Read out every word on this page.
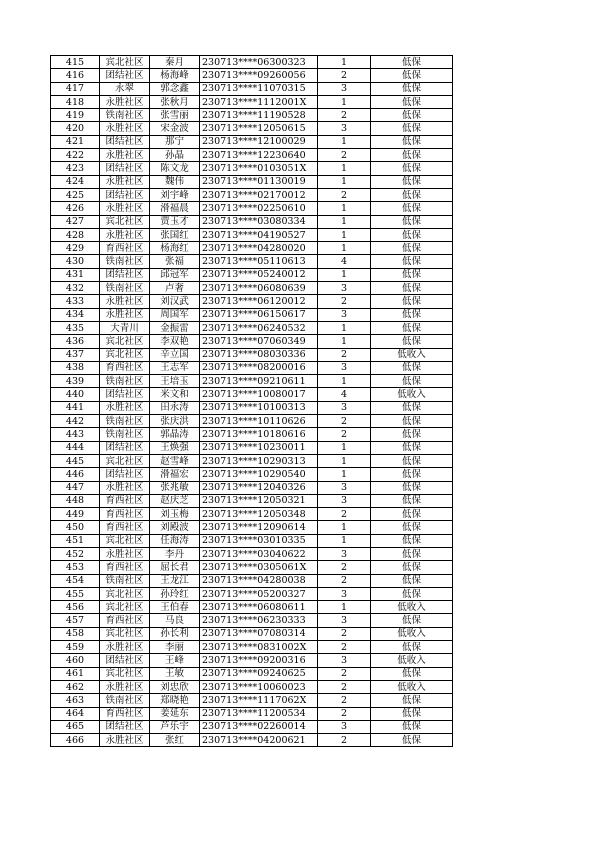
415	宾北社区	秦月	230713****06300323	1	低保
416	团结社区	杨海峰	230713****09260056	2	低保
417	永翠	郭念鑫	230713****11070315	3	低保
418	永胜社区	张秋月	230713****1112001X	1	低保
419	铁南社区	张雪丽	230713****11190528	2	低保
420	永胜社区	宋金波	230713****12050615	3	低保
421	团结社区	那宁	230713****12100029	1	低保
422	永胜社区	孙晶	230713****12230640	2	低保
423	团结社区	陈文龙	230713****0103051X	1	低保
424	永胜社区	魏伟	230713****01130019	1	低保
425	团结社区	刘宇峰	230713****02170012	2	低保
426	永胜社区	滑福晨	230713****02250610	1	低保
427	宾北社区	贾玉才	230713****03080334	1	低保
428	永胜社区	张国红	230713****04190527	1	低保
429	育西社区	杨海红	230713****04280020	1	低保
430	铁南社区	张福	230713****05110613	4	低保
431	团结社区	邱冠军	230713****05240012	1	低保
432	铁南社区	卢奢	230713****06080639	3	低保
433	永胜社区	刘汉武	230713****06120012	2	低保
434	永胜社区	周国军	230713****06150617	3	低保
435	大青川	金振雷	230713****06240532	1	低保
436	宾北社区	李双艳	230713****07060349	1	低保
437	宾北社区	辛立国	230713****08030336	2	低收入
438	育西社区	王志军	230713****08200016	3	低保
439	铁南社区	王培玉	230713****09210611	1	低保
440	团结社区	米文和	230713****10080017	4	低收入
441	永胜社区	田永涛	230713****10100313	3	低保
442	铁南社区	张庆洪	230713****10110626	2	低保
443	铁南社区	郭晶涛	230713****10180616	2	低保
444	团结社区	王焕强	230713****10230011	1	低保
445	宾北社区	赵雪峰	230713****10290313	1	低保
446	团结社区	滑福宏	230713****10290540	1	低保
447	永胜社区	张兆敏	230713****12040326	3	低保
448	育西社区	赵庆芝	230713****12050321	3	低保
449	育西社区	刘玉梅	230713****12050348	2	低保
450	育西社区	刘殿波	230713****12090614	1	低保
451	宾北社区	任海涛	230713****03010335	1	低保
452	永胜社区	李丹	230713****03040622	3	低保
453	育西社区	屈长君	230713****0305061X	2	低保
454	铁南社区	王龙江	230713****04280038	2	低保
455	宾北社区	孙玲红	230713****05200327	3	低保
456	宾北社区	王伯春	230713****06080611	1	低收入
457	育西社区	马良	230713****06230333	3	低保
458	宾北社区	孙长利	230713****07080314	2	低收入
459	永胜社区	李丽	230713****0831002X	2	低保
460	团结社区	王峰	230713****09200316	3	低收入
461	宾北社区	王敏	230713****09240625	2	低保
462	永胜社区	刘忠欣	230713****10060023	2	低收入
463	铁南社区	郑晓艳	230713****1117062X	2	低保
464	育西社区	姜延东	230713****11200534	2	低保
465	团结社区	芦乐宇	230713****02260014	3	低保
466	永胜社区	张红	230713****04200621	2	低保
